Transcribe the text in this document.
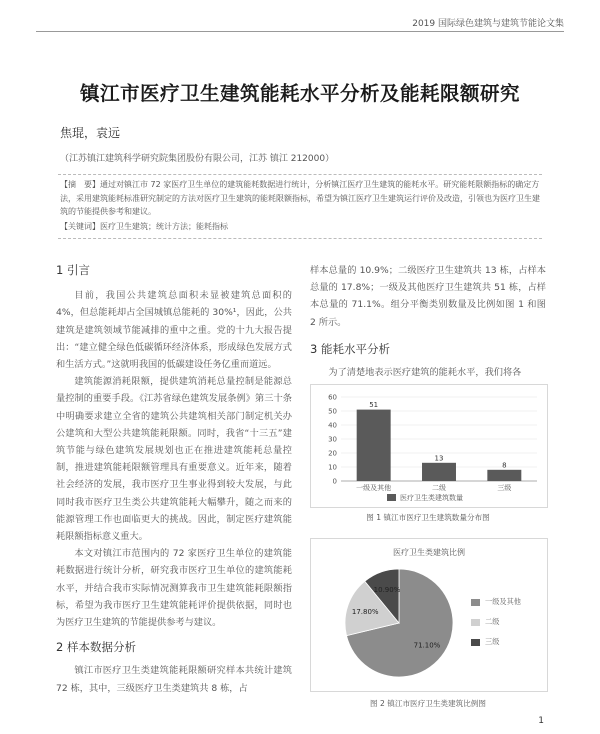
2019 国际绿色建筑与建筑节能论文集
镇江市医疗卫生建筑能耗水平分析及能耗限额研究
焦琨，袁远
（江苏镇江建筑科学研究院集团股份有限公司，江苏 镇江 212000）
【摘　要】通过对镇江市 72 家医疗卫生单位的建筑能耗数据进行统计，分析镇江医疗卫生建筑的能耗水平。研究能耗限额指标的确定方法，采用建筑能耗标准研究制定的方法对医疗卫生建筑的能耗限额指标，希望为镇江医疗卫生建筑运行评价及改造，引领也为医疗卫生建筑的节能提供参考和建议。
【关键词】医疗卫生建筑；统计方法；能耗指标
1 引言

目前，我国公共建筑总面积未显被建筑总面积的 4%，但总能耗却占全国城镇总能耗的 30%¹，因此，公共建筑是建筑领域节能减排的重中之重。党的十九大报告提出：“建立健全绿色低碳循环经济体系，形成绿色发展方式和生活方式。”这就明我国的低碳建设任务亿重而道远。

建筑能源消耗限额，提供建筑消耗总量控制是能源总量控制的重要手段。《江苏省绿色建筑发展条例》第三十条中明确要求建立全省的建筑公共建筑相关部门制定机关办公建筑和大型公共建筑能耗限额。同时，我省“十三五”建筑节能与绿色建筑发展规划也正在推进建筑能耗总量控制，推进建筑能耗限额管理具有重要意义。近年来，随着社会经济的发展，我市医疗卫生事业得到较大发展，与此同时我市医疗卫生类公共建筑能耗大幅攀升，随之而来的能源管理工作也面临更大的挑战。因此，制定医疗建筑能耗限额指标意义重大。

本文对镇江市范围内的 72 家医疗卫生单位的建筑能耗数据进行统计分析，研究我市医疗卫生单位的建筑能耗水平，并结合我市实际情况测算我市卫生建筑能耗限额指标，希望为我市医疗卫生建筑能耗评价提供依据，同时也为医疗卫生建筑的节能提供参考与建议。

2 样本数据分析

镇江市医疗卫生类建筑能耗限额研究样本共统计建筑 72 栋，其中，三级医疗卫生类建筑共 8 栋，占

样本总量的 10.9%；二级医疗卫生建筑共 13 栋，占样本总量的 17.8%；一级及其他医疗卫生建筑共 51 栋，占样本总量的 71.1%。组分平衡类别数量及比例如图 1 和图 2 所示。

3 能耗水平分析

为了清楚地表示医疗建筑的能耗水平，我们将各

0
10
20
30
40
50
60
51
一级及其他
13
二级
8
三级
医疗卫生类建筑数量
图 1 镇江市医疗卫生建筑数量分布图
医疗卫生类建筑比例
71.10%
17.80%
10.90%
一级及其他
二级
三级
图 2 镇江市医疗卫生类建筑比例图
1
